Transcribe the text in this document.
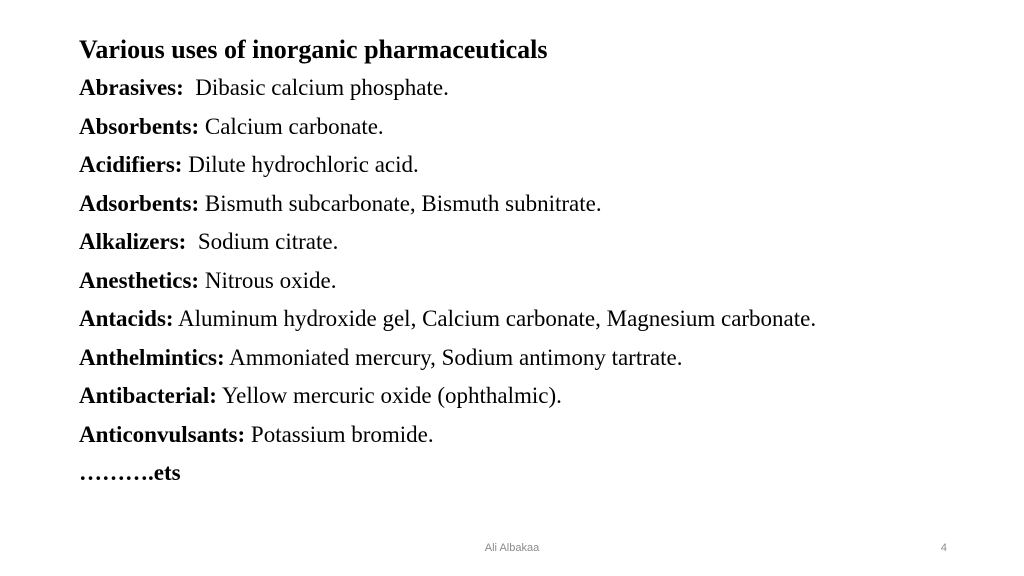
Various uses of inorganic pharmaceuticals
Abrasives: Dibasic calcium phosphate.
Absorbents: Calcium carbonate.
Acidifiers: Dilute hydrochloric acid.
Adsorbents: Bismuth subcarbonate, Bismuth subnitrate.
Alkalizers: Sodium citrate.
Anesthetics: Nitrous oxide.
Antacids: Aluminum hydroxide gel, Calcium carbonate, Magnesium carbonate.
Anthelmintics: Ammoniated mercury, Sodium antimony tartrate.
Antibacterial: Yellow mercuric oxide (ophthalmic).
Anticonvulsants: Potassium bromide.
……….ets
Ali Albakaa	4
